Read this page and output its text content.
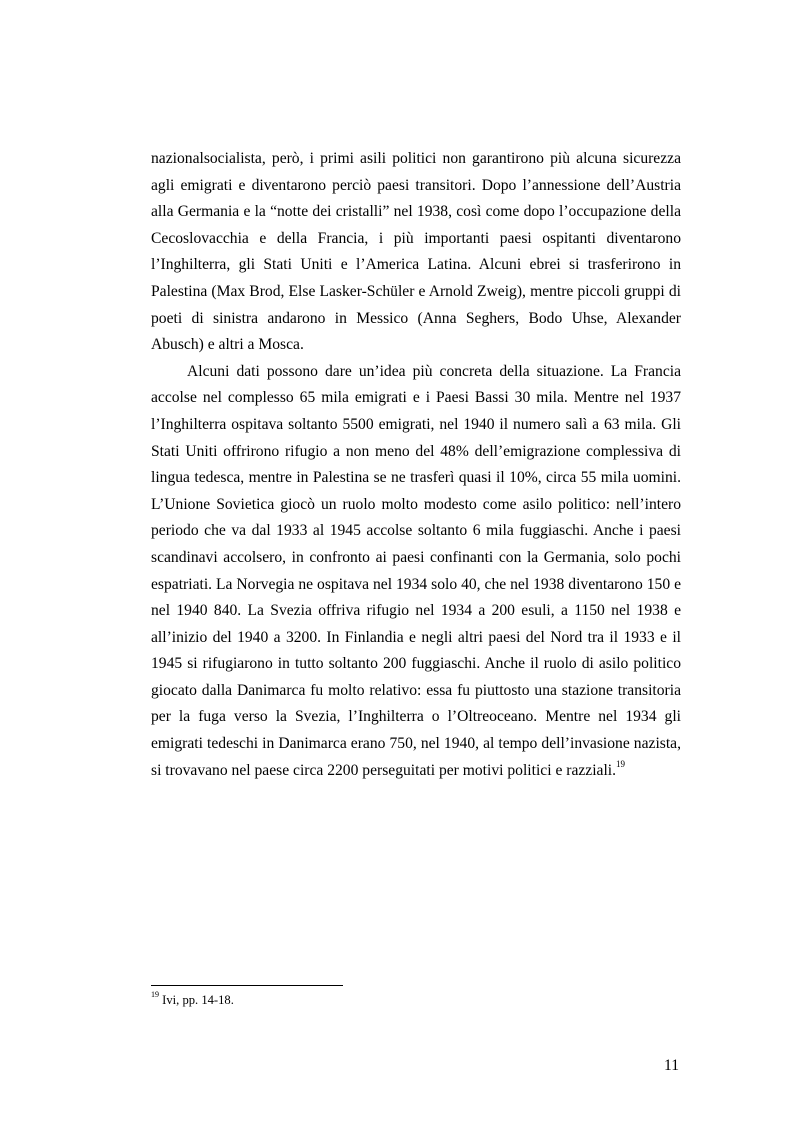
nazionalsocialista, però, i primi asili politici non garantirono più alcuna sicurezza agli emigrati e diventarono perciò paesi transitori. Dopo l’annessione dell’Austria alla Germania e la “notte dei cristalli” nel 1938, così come dopo l’occupazione della Cecoslovacchia e della Francia, i più importanti paesi ospitanti diventarono l’Inghilterra, gli Stati Uniti e l’America Latina. Alcuni ebrei si trasferirono in Palestina (Max Brod, Else Lasker-Schüler e Arnold Zweig), mentre piccoli gruppi di poeti di sinistra andarono in Messico (Anna Seghers, Bodo Uhse, Alexander Abusch) e altri a Mosca.

Alcuni dati possono dare un’idea più concreta della situazione. La Francia accolse nel complesso 65 mila emigrati e i Paesi Bassi 30 mila. Mentre nel 1937 l’Inghilterra ospitava soltanto 5500 emigrati, nel 1940 il numero salì a 63 mila. Gli Stati Uniti offrirono rifugio a non meno del 48% dell’emigrazione complessiva di lingua tedesca, mentre in Palestina se ne trasferì quasi il 10%, circa 55 mila uomini. L’Unione Sovietica giocò un ruolo molto modesto come asilo politico: nell’intero periodo che va dal 1933 al 1945 accolse soltanto 6 mila fuggiaschi. Anche i paesi scandinavi accolsero, in confronto ai paesi confinanti con la Germania, solo pochi espatriati. La Norvegia ne ospitava nel 1934 solo 40, che nel 1938 diventarono 150 e nel 1940 840. La Svezia offriva rifugio nel 1934 a 200 esuli, a 1150 nel 1938 e all’inizio del 1940 a 3200. In Finlandia e negli altri paesi del Nord tra il 1933 e il 1945 si rifugiarono in tutto soltanto 200 fuggiaschi. Anche il ruolo di asilo politico giocato dalla Danimarca fu molto relativo: essa fu piuttosto una stazione transitoria per la fuga verso la Svezia, l’Inghilterra o l’Oltreoceano. Mentre nel 1934 gli emigrati tedeschi in Danimarca erano 750, nel 1940, al tempo dell’invasione nazista, si trovavano nel paese circa 2200 perseguitati per motivi politici e razziali.$^{19}$

$^{19}$ Ivi, pp. 14-18.
11
